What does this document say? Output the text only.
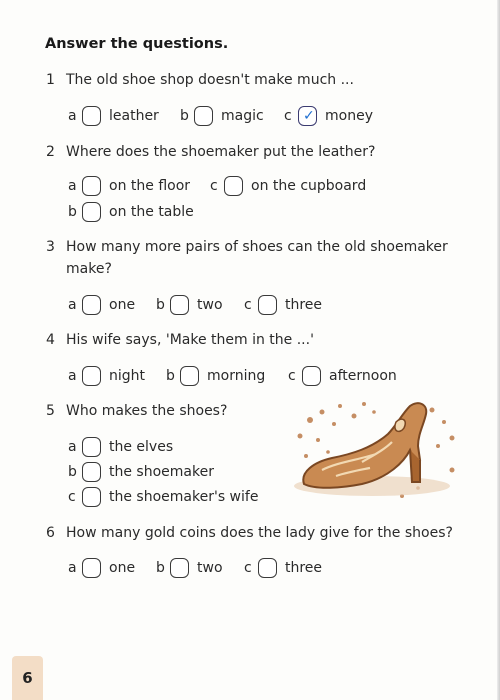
Answer the questions.
1 The old shoe shop doesn't make much ...
a	leather b	magic c ✓ money
2 Where does the shoemaker put the leather?
a	on the floor c	on the cupboard
b	on the table
3 How many more pairs of shoes can the old shoemaker
make?
a	one b	two c	three
4 His wife says, 'Make them in the ...'
a	night b	morning c	afternoon
5 Who makes the shoes?
a	the elves
b	the shoemaker
c	the shoemaker's wife
6 How many gold coins does the lady give for the shoes?
a	one b	two c	three
6
